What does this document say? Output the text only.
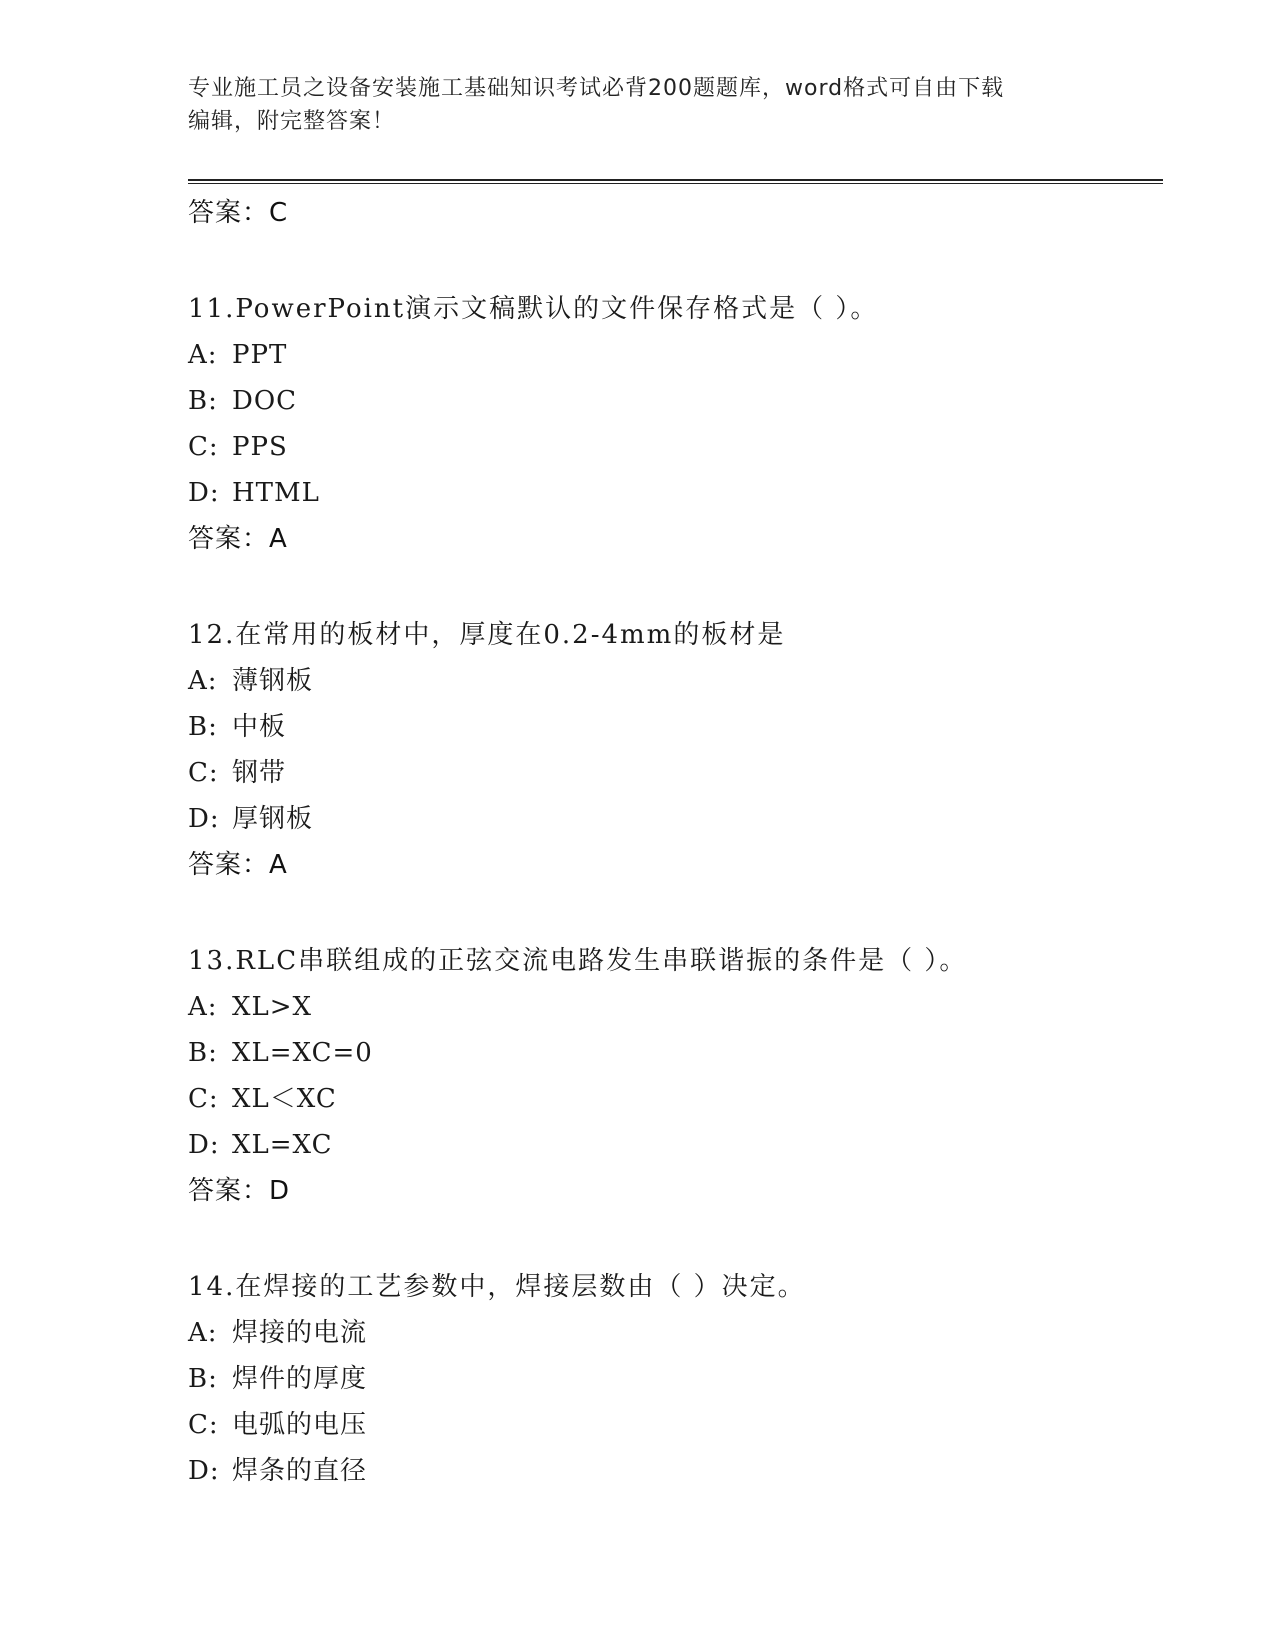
专业施工员之设备安装施工基础知识考试必背200题题库，word格式可自由下载
编辑，附完整答案！
答案：C
11.PowerPoint演示文稿默认的文件保存格式是（ ）。
A: PPT
B: DOC
C: PPS
D: HTML
答案：A
12.在常用的板材中，厚度在0.2-4mm的板材是
A: 薄钢板
B: 中板
C: 钢带
D: 厚钢板
答案：A
13.RLC串联组成的正弦交流电路发生串联谐振的条件是（ ）。
A: XL>X
B: XL=XC=0
C: XL＜XC
D: XL=XC
答案：D
14.在焊接的工艺参数中，焊接层数由（ ）决定。
A: 焊接的电流
B: 焊件的厚度
C: 电弧的电压
D: 焊条的直径
